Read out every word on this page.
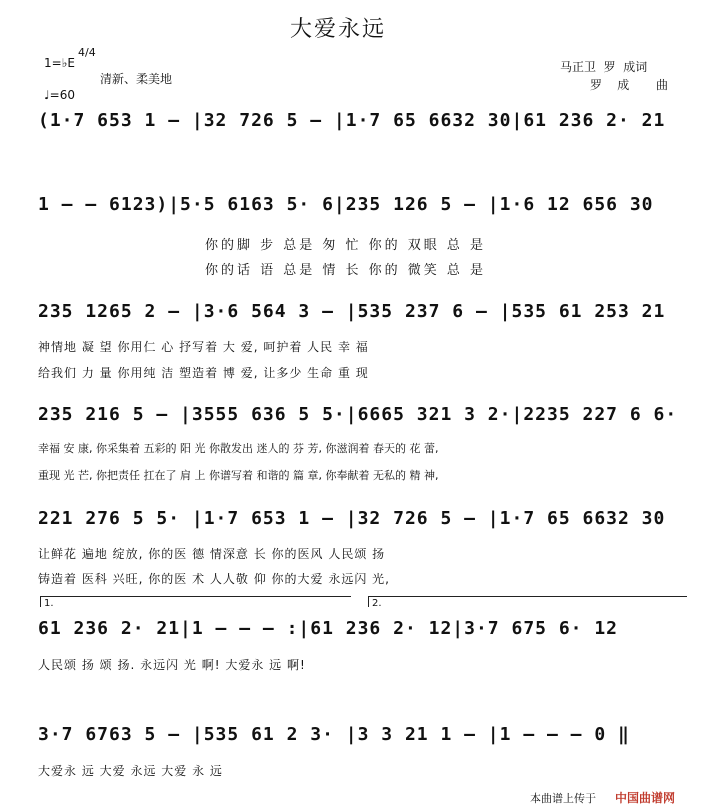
大爱永远
马正卫  罗  成词
罗    成       曲
1=♭E
4/4
清新、柔美地
♩=60
(1·7 653 1 – |32 726 5 – |1·7 65 6632 30|61 236 2· 21
1 – – 6123)|5·5 6163 5· 6|235 126 5 – |1·6 12 656 30
你的脚 步 总是 匆 忙 你的 双眼 总 是
你的话 语 总是 情 长 你的 微笑 总 是
235 1265 2 – |3·6 564 3 – |535 237 6 – |535 61 253 21
神情地 凝 望 你用仁 心 抒写着 大 爱, 呵护着 人民 幸 福
给我们 力 量 你用纯 洁 塑造着 博 爱, 让多少 生命 重 现
235 216 5 – |3555 636 5 5·|6665 321 3 2·|2235 227 6 6·
幸福 安 康, 你采集着 五彩的 阳 光 你散发出 迷人的 芬 芳, 你滋润着 春天的 花 蕾,
重现 光 芒, 你把责任 扛在了 肩 上 你谱写着 和谐的 篇 章, 你奉献着 无私的 精 神,
221 276 5 5· |1·7 653 1 – |32 726 5 – |1·7 65 6632 30
让鲜花 遍地 绽放, 你的医 德 情深意 长 你的医风 人民颂 扬
铸造着 医科 兴旺, 你的医 术 人人敬 仰 你的大爱 永远闪 光,
1.	2.
61 236 2· 21|1 – – – :|61 236 2· 12|3·7 675 6· 12
人民颂 扬 颂 扬. 永远闪 光 啊! 大爱永 远 啊!
3·7 6763 5 – |535 61 2 3· |3 3 21 1 – |1 – – – 0 ‖
大爱永 远 大爱 永远 大爱 永 远
本曲谱上传于 中国曲谱网
